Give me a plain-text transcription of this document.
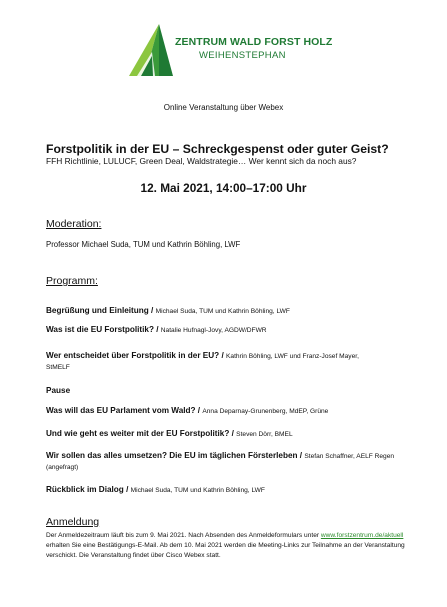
ZENTRUM WALD FORST HOLZ
WEIHENSTEPHAN
Online Veranstaltung über Webex
Forstpolitik in der EU – Schreckgespenst oder guter Geist?
FFH Richtlinie, LULUCF, Green Deal, Waldstrategie… Wer kennt sich da noch aus?
12. Mai 2021, 14:00–17:00 Uhr
Moderation:
Professor Michael Suda, TUM und Kathrin Böhling, LWF
Programm:
Begrüßung und Einleitung / Michael Suda, TUM und Kathrin Böhling, LWF
Was ist die EU Forstpolitik? / Natalie Hufnagl-Jovy, AGDW/DFWR
Wer entscheidet über Forstpolitik in der EU? / Kathrin Böhling, LWF und Franz-Josef Mayer, StMELF
Pause
Was will das EU Parlament vom Wald? / Anna Deparnay-Grunenberg, MdEP, Grüne
Und wie geht es weiter mit der EU Forstpolitik? / Steven Dörr, BMEL
Wir sollen das alles umsetzen? Die EU im täglichen Försterleben / Stefan Schaffner, AELF Regen (angefragt)
Rückblick im Dialog / Michael Suda, TUM und Kathrin Böhling, LWF
Anmeldung
Der Anmeldezeitraum läuft bis zum 9. Mai 2021. Nach Absenden des Anmeldeformulars unter www.forstzentrum.de/aktuell erhalten Sie eine Bestätigungs-E-Mail. Ab dem 10. Mai 2021 werden die Meeting-Links zur Teilnahme an der Veranstaltung verschickt. Die Veranstaltung findet über Cisco Webex statt.
